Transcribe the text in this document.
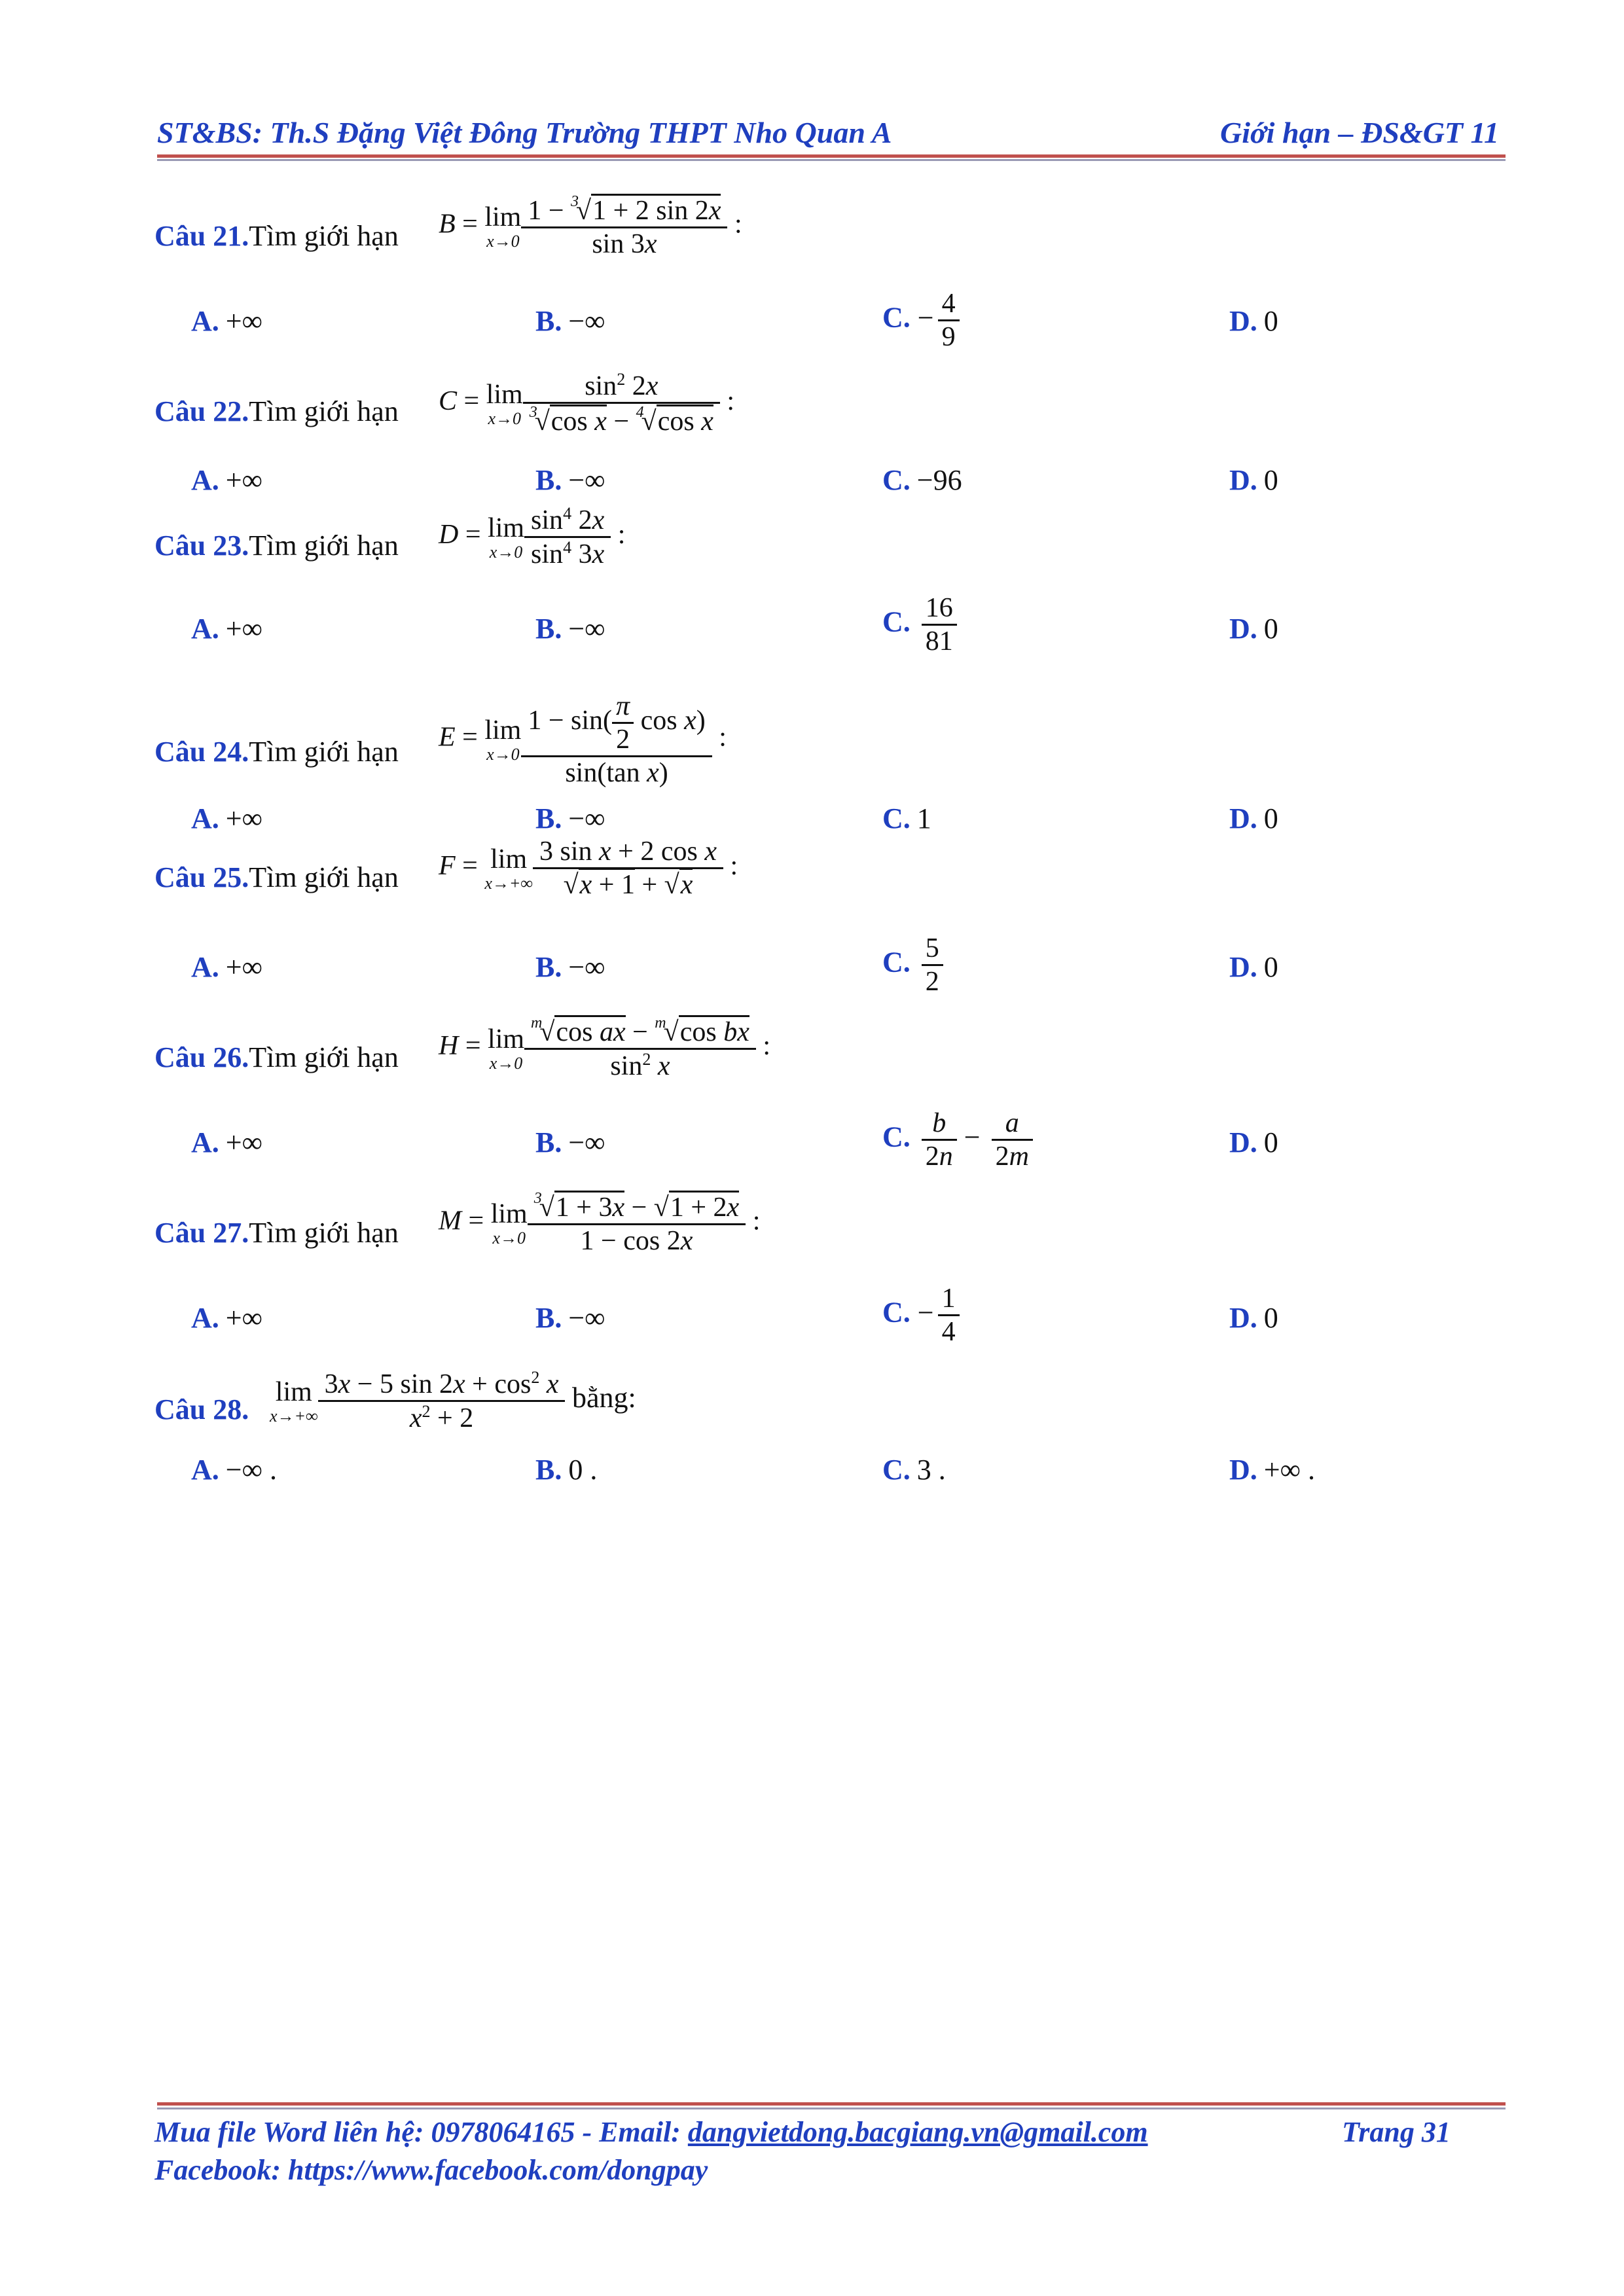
ST&BS: Th.S Đặng Việt Đông Trường THPT Nho Quan A	Giới hạn – ĐS&GT 11
Câu 21.Tìm giới hạn B = lim
$x\to 0 \frac{1 - ^3√1 + 2 \sin 2x}{\sin 3x}$ :
A. +∞	B. −∞	C. − $\frac{4}{9}$	D. 0
Câu 22.Tìm giới hạn C = lim
$x\to 0 \frac{\sin^2 2x}{^3√\cos x - ^4√\cos x}$ :
A. +∞	B. −∞	C. −96	D. 0
Câu 23.Tìm giới hạn D = lim
$x\to 0 \frac{\sin^4 2x}{\sin^4 3x}$ :
A. +∞	B. −∞	C. $\frac{16}{81}$	D. 0
Câu 24.Tìm giới hạn E = lim
$x\to 0 \frac{1 - \sin( \frac{\pi}{2} \cos x)}{\text{sin(tan x)}}$ :
A. +∞	B. −∞	C. 1	D. 0
Câu 25.Tìm giới hạn F = lim
$x\to+\infty \frac{\text{3 sin x + 2 cos x}}{√x + 1 + √x}$ :
A. +∞	B. −∞	C. $\frac{5}{2}$	D. 0
Câu 26.Tìm giới hạn H = lim
$x\to 0 \frac{^m√\cos ax - ^m√\cos bx}{\sin^2 x}$ :
A. +∞	B. −∞	C. $\frac{b}{2n} - \frac{a}{2m}$	D. 0
Câu 27.Tìm giới hạn M = lim
$x\to 0 \frac{^3√1 + 3x - √1 + 2x}{1 - \cos 2x}$ :
A. +∞	B. −∞	C. − $\frac{1}{4}$	D. 0
Câu 28.
lim
$x\to+\infty \frac{3x - 5 \sin 2x + \cos^2 x}{x^2 + 2}$ bằng:
A. −∞ .	B. 0 .	C. 3 .	D. +∞ .
Mua file Word liên hệ: 0978064165 - Email: dangvietdong.bacgiang.vn@gmail.com	Trang 31
Facebook: https://www.facebook.com/dongpay
